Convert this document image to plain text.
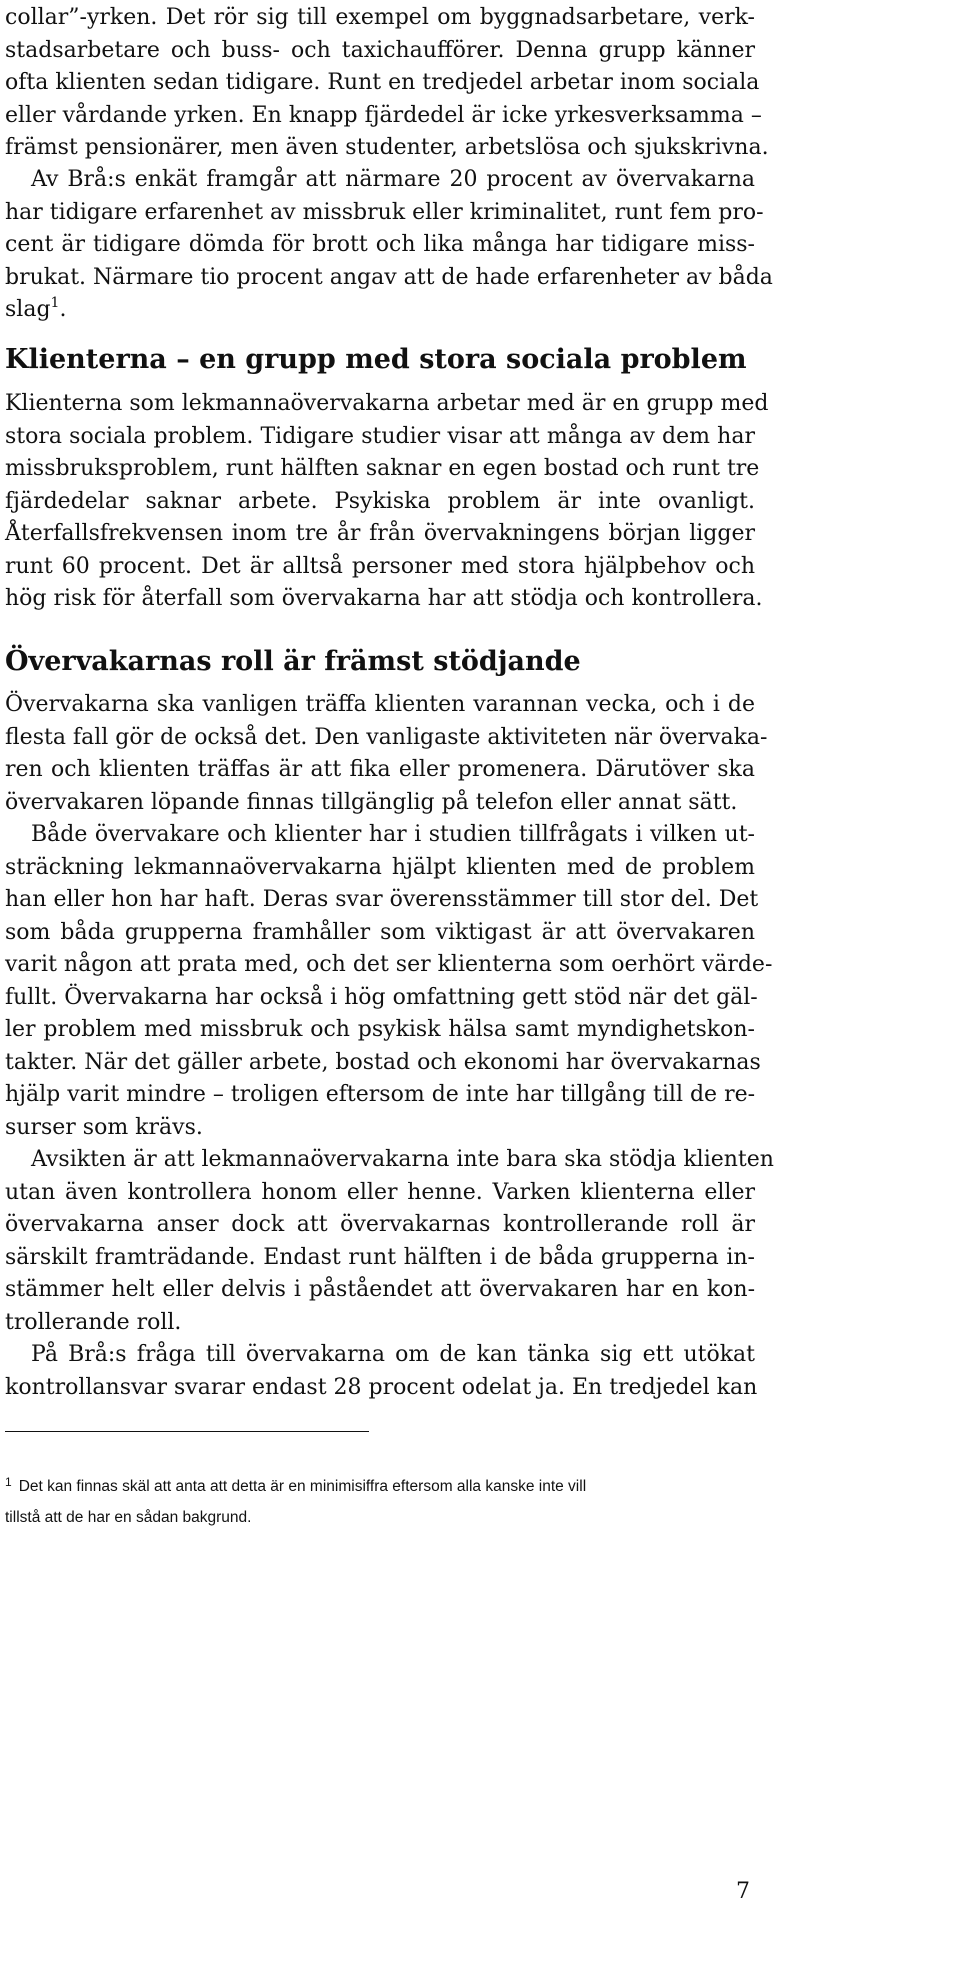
collar”-yrken. Det rör sig till exempel om byggnadsarbetare, verk-
stadsarbetare och buss- och taxichaufförer. Denna grupp känner
ofta klienten sedan tidigare. Runt en tredjedel arbetar inom sociala
eller vårdande yrken. En knapp fjärdedel är icke yrkesverksamma –
främst pensionärer, men även studenter, arbetslösa och sjukskrivna.
Av Brå:s enkät framgår att närmare 20 procent av övervakarna
har tidigare erfarenhet av missbruk eller kriminalitet, runt fem pro-
cent är tidigare dömda för brott och lika många har tidigare miss-
brukat. Närmare tio procent angav att de hade erfarenheter av båda
slag$^1$.
Klienterna – en grupp med stora sociala problem
Klienterna som lekmannaövervakarna arbetar med är en grupp med
stora sociala problem. Tidigare studier visar att många av dem har
missbruksproblem, runt hälften saknar en egen bostad och runt tre
fjärdedelar saknar arbete. Psykiska problem är inte ovanligt.
Återfallsfrekvensen inom tre år från övervakningens början ligger
runt 60 procent. Det är alltså personer med stora hjälpbehov och
hög risk för återfall som övervakarna har att stödja och kontrollera.
Övervakarnas roll är främst stödjande
Övervakarna ska vanligen träffa klienten varannan vecka, och i de
flesta fall gör de också det. Den vanligaste aktiviteten när övervaka-
ren och klienten träffas är att fika eller promenera. Därutöver ska
övervakaren löpande finnas tillgänglig på telefon eller annat sätt.
Både övervakare och klienter har i studien tillfrågats i vilken ut-
sträckning lekmannaövervakarna hjälpt klienten med de problem
han eller hon har haft. Deras svar överensstämmer till stor del. Det
som båda grupperna framhåller som viktigast är att övervakaren
varit någon att prata med, och det ser klienterna som oerhört värde-
fullt. Övervakarna har också i hög omfattning gett stöd när det gäl-
ler problem med missbruk och psykisk hälsa samt myndighetskon-
takter. När det gäller arbete, bostad och ekonomi har övervakarnas
hjälp varit mindre – troligen eftersom de inte har tillgång till de re-
surser som krävs.
Avsikten är att lekmannaövervakarna inte bara ska stödja klienten
utan även kontrollera honom eller henne. Varken klienterna eller
övervakarna anser dock att övervakarnas kontrollerande roll är
särskilt framträdande. Endast runt hälften i de båda grupperna in-
stämmer helt eller delvis i påståendet att övervakaren har en kon-
trollerande roll.
På Brå:s fråga till övervakarna om de kan tänka sig ett utökat
kontrollansvar svarar endast 28 procent odelat ja. En tredjedel kan
$^1$ Det kan finnas skäl att anta att detta är en minimisiffra eftersom alla kanske inte vill
tillstå att de har en sådan bakgrund.
7
